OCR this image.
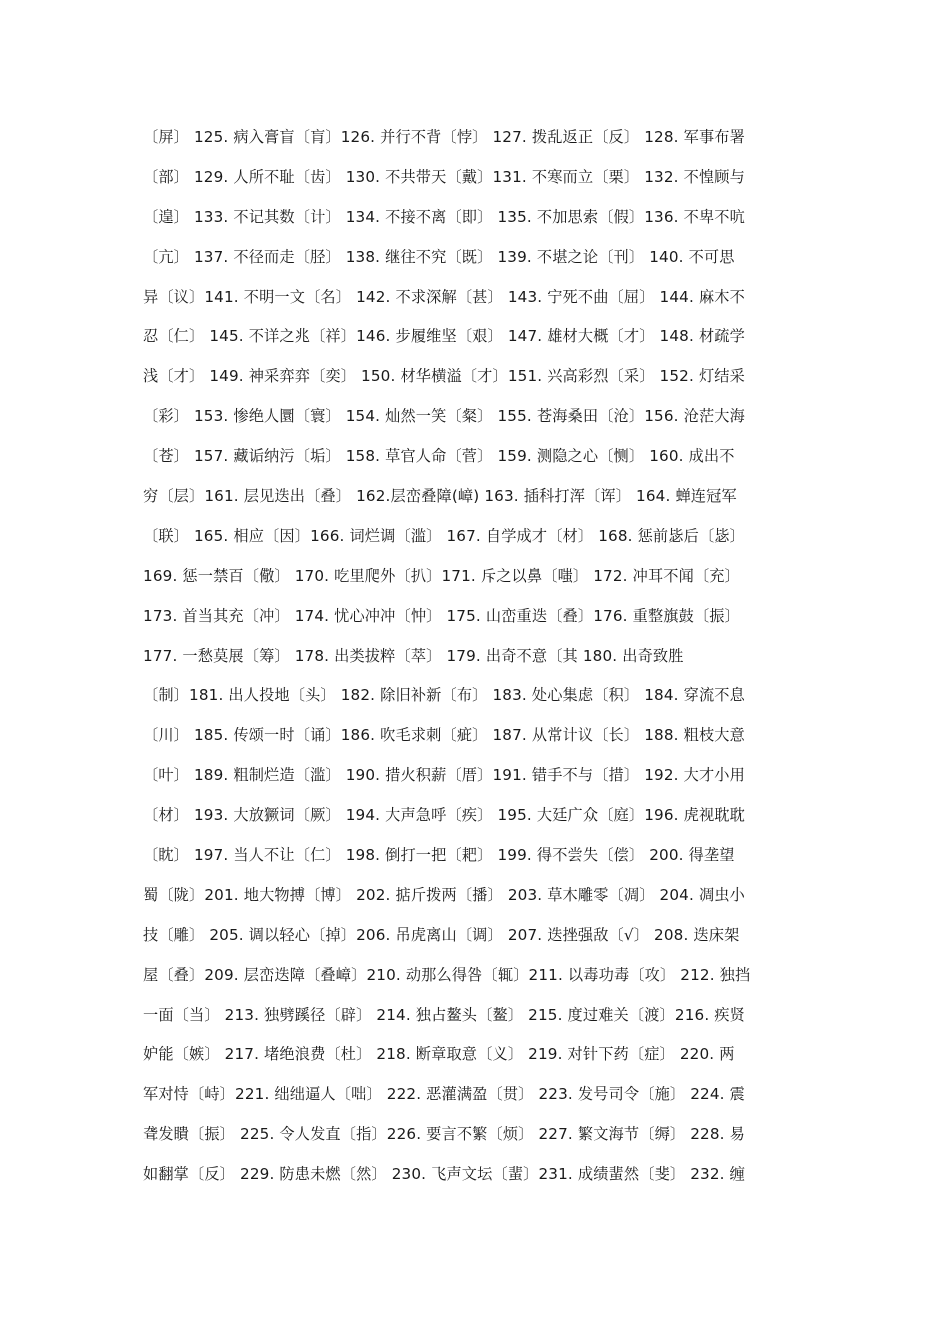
〔屏〕 125. 病入膏盲〔肓〕126. 并行不背〔悖〕 127. 拨乱返正〔反〕 128. 军事布署
〔部〕 129. 人所不耻〔齿〕 130. 不共带天〔戴〕131. 不寒而立〔栗〕 132. 不惶顾与
〔遑〕 133. 不记其数〔计〕 134. 不接不离〔即〕 135. 不加思索〔假〕136. 不卑不吭
〔亢〕 137. 不径而走〔胫〕 138. 继往不究〔既〕 139. 不堪之论〔刊〕 140. 不可思
异〔议〕141. 不明一文〔名〕 142. 不求深解〔甚〕 143. 宁死不曲〔屈〕 144. 麻木不
忍〔仁〕 145. 不详之兆〔祥〕146. 步履维坚〔艰〕 147. 雄材大概〔才〕 148. 材疏学
浅〔才〕 149. 神采弈弈〔奕〕 150. 材华横溢〔才〕151. 兴高彩烈〔采〕 152. 灯结采
〔彩〕 153. 惨绝人圜〔寰〕 154. 灿然一笑〔粲〕 155. 苍海桑田〔沧〕156. 沧茫大海
〔苍〕 157. 藏诟纳污〔垢〕 158. 草官人命〔菅〕 159. 测隐之心〔恻〕 160. 成出不
穷〔层〕161. 层见迭出〔叠〕 162.层峦叠障(嶂) 163. 插科打浑〔诨〕 164. 蝉连冠军
〔联〕 165. 相应〔因〕166. 词烂调〔滥〕 167. 自学成才〔材〕 168. 惩前毖后〔毖〕
169. 惩一禁百〔儆〕 170. 吃里爬外〔扒〕171. 斥之以鼻〔嗤〕 172. 冲耳不闻〔充〕
173. 首当其充〔冲〕 174. 忧心冲冲〔忡〕 175. 山峦重迭〔叠〕176. 重整旗鼓〔振〕
177. 一愁莫展〔筹〕 178. 出类拔粹〔萃〕 179. 出奇不意〔其 180. 出奇致胜
〔制〕181. 出人投地〔头〕 182. 除旧补新〔布〕 183. 处心集虑〔积〕 184. 穿流不息
〔川〕 185. 传颂一时〔诵〕186. 吹毛求刺〔疵〕 187. 从常计议〔长〕 188. 粗枝大意
〔叶〕 189. 粗制烂造〔滥〕 190. 措火积薪〔厝〕191. 错手不与〔措〕 192. 大才小用
〔材〕 193. 大放獗词〔厥〕 194. 大声急呼〔疾〕 195. 大廷广众〔庭〕196. 虎视耽耽
〔眈〕 197. 当人不让〔仁〕 198. 倒打一把〔耙〕 199. 得不尝失〔偿〕 200. 得垄望
蜀〔陇〕201. 地大物搏〔博〕 202. 掂斤拨两〔播〕 203. 草木雕零〔凋〕 204. 凋虫小
技〔雕〕 205. 调以轻心〔掉〕206. 吊虎离山〔调〕 207. 迭挫强敌〔√〕 208. 迭床架
屋〔叠〕209. 层峦迭障〔叠嶂〕210. 动那么得咎〔辄〕211. 以毒功毒〔攻〕 212. 独挡
一面〔当〕 213. 独劈蹊径〔辟〕 214. 独占鳌头〔鳌〕 215. 度过难关〔渡〕216. 疾贤
妒能〔嫉〕 217. 堵绝浪费〔杜〕 218. 断章取意〔义〕 219. 对针下药〔症〕 220. 两
军对恃〔峙〕221. 绌绌逼人〔咄〕 222. 恶灌满盈〔贯〕 223. 发号司令〔施〕 224. 震
聋发瞶〔振〕 225. 令人发直〔指〕226. 要言不繁〔烦〕 227. 繁文海节〔缛〕 228. 易
如翻掌〔反〕 229. 防患未燃〔然〕 230. 飞声文坛〔蜚〕231. 成绩蜚然〔斐〕 232. 缠
